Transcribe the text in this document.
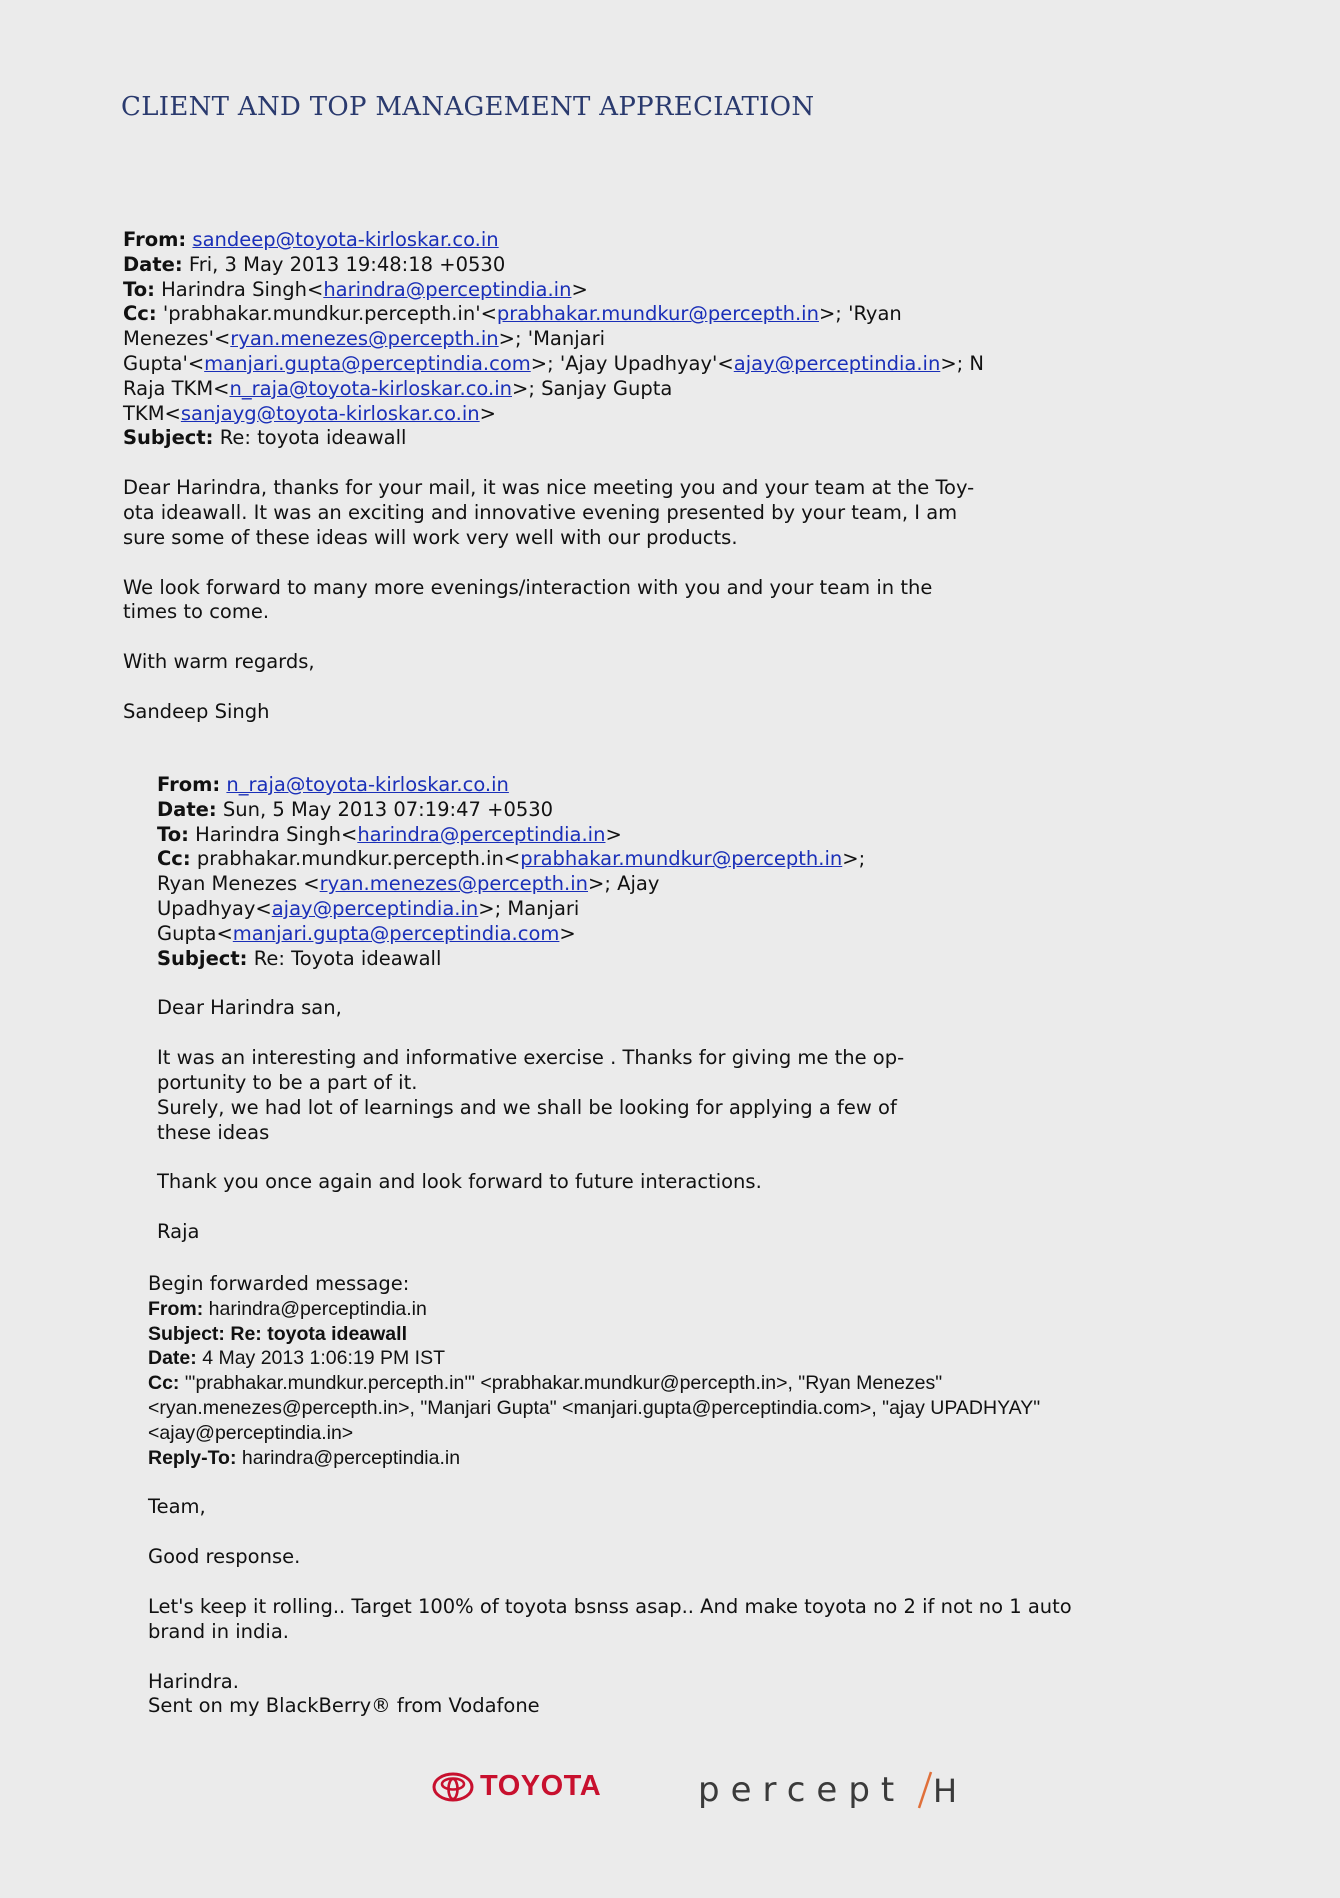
CLIENT AND TOP MANAGEMENT APPRECIATION

From: sandeep@toyota-kirloskar.co.in

Date: Fri, 3 May 2013 19:48:18 +0530

To: Harindra Singh<harindra@perceptindia.in>

Cc: 'prabhakar.mundkur.percepth.in'<prabhakar.mundkur@percepth.in>; 'Ryan
Menezes'<ryan.menezes@percepth.in>; 'Manjari
Gupta'<manjari.gupta@perceptindia.com>; 'Ajay Upadhyay'<ajay@perceptindia.in>; N
Raja TKM<n_raja@toyota-kirloskar.co.in>; Sanjay Gupta
TKM<sanjayg@toyota-kirloskar.co.in>

Subject: Re: toyota ideawall

Dear Harindra, thanks for your mail, it was nice meeting you and your team at the Toy-
ota ideawall. It was an exciting and innovative evening presented by your team, I am
sure some of these ideas will work very well with our products.

We look forward to many more evenings/interaction with you and your team in the
times to come.

With warm regards,

Sandeep Singh

From: n_raja@toyota-kirloskar.co.in

Date: Sun, 5 May 2013 07:19:47 +0530

To: Harindra Singh<harindra@perceptindia.in>

Cc: prabhakar.mundkur.percepth.in<prabhakar.mundkur@percepth.in>;
Ryan Menezes <ryan.menezes@percepth.in>; Ajay
Upadhyay<ajay@perceptindia.in>; Manjari
Gupta<manjari.gupta@perceptindia.com>

Subject: Re: Toyota ideawall

Dear Harindra san,

It was an interesting and informative exercise . Thanks for giving me the op-
portunity to be a part of it.
Surely, we had lot of learnings and we shall be looking for applying a few of
these ideas

Thank you once again and look forward to future interactions.

Raja

Begin forwarded message:

From: harindra@perceptindia.in

Subject: Re: toyota ideawall

Date: 4 May 2013 1:06:19 PM IST

Cc: "'prabhakar.mundkur.percepth.in'" <prabhakar.mundkur@percepth.in>, "Ryan Menezes"
<ryan.menezes@percepth.in>, "Manjari Gupta" <manjari.gupta@perceptindia.com>, "ajay UPADHYAY"
<ajay@perceptindia.in>

Reply-To: harindra@perceptindia.in

Team,

Good response.

Let's keep it rolling.. Target 100% of toyota bsnss asap.. And make toyota no 2 if not no 1 auto
brand in india.

Harindra.
Sent on my BlackBerry® from Vodafone

TOYOTA	percept H
